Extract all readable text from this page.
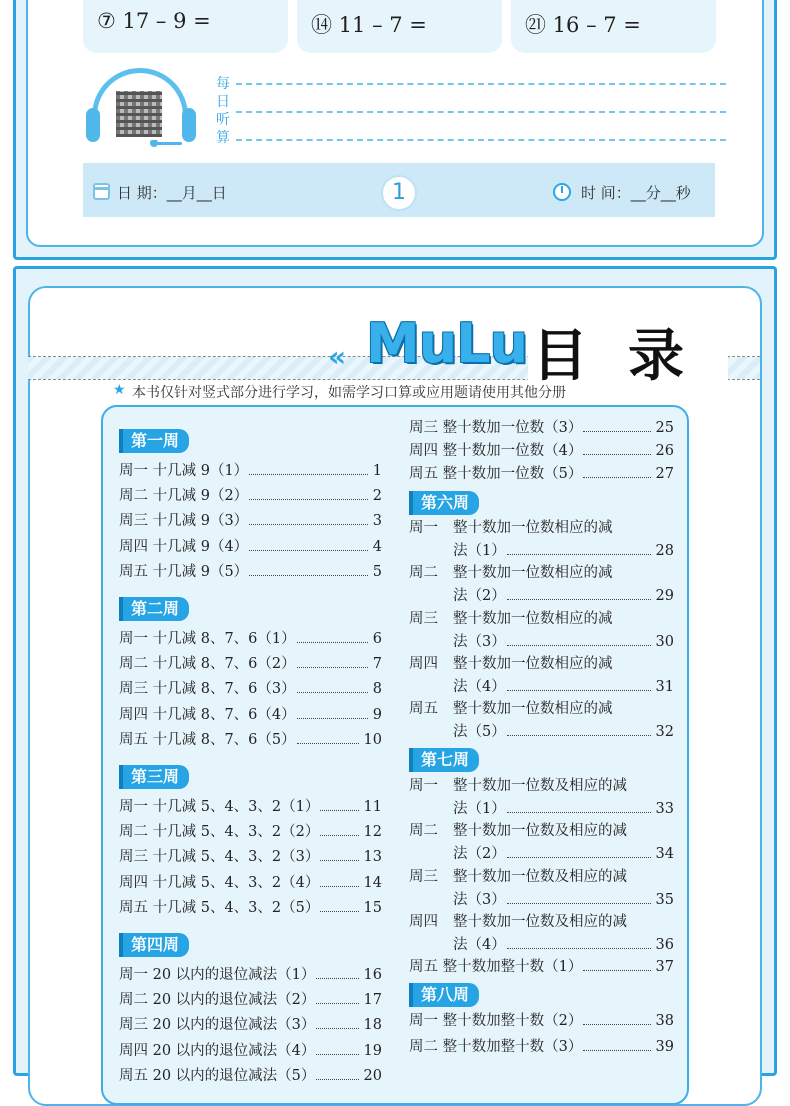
⑦ 17 – 9 =	⑭ 11 – 7 =	㉑ 16 – 7 =
每
日
听
算
日 期：__月__日	1	时 间：__分__秒
« MuLu 目录
★ 本书仅针对竖式部分进行学习，如需学习口算或应用题请使用其他分册
第一周
周一 十几减 9（1）	1
周二 十几减 9（2）	2
周三 十几减 9（3）	3
周四 十几减 9（4）	4
周五 十几减 9（5）	5
第二周
周一 十几减 8、7、6（1）	6
周二 十几减 8、7、6（2）	7
周三 十几减 8、7、6（3）	8
周四 十几减 8、7、6（4）	9
周五 十几减 8、7、6（5）	10
第三周
周一 十几减 5、4、3、2（1）	11
周二 十几减 5、4、3、2（2）	12
周三 十几减 5、4、3、2（3）	13
周四 十几减 5、4、3、2（4）	14
周五 十几减 5、4、3、2（5）	15
第四周
周一 20 以内的退位减法（1）	16
周二 20 以内的退位减法（2）	17
周三 20 以内的退位减法（3）	18
周四 20 以内的退位减法（4）	19
周五 20 以内的退位减法（5）	20
周三 整十数加一位数（3）	25
周四 整十数加一位数（4）	26
周五 整十数加一位数（5）	27
第六周
周一 整十数加一位数相应的减
法（1）	28
周二 整十数加一位数相应的减
法（2）	29
周三 整十数加一位数相应的减
法（3）	30
周四 整十数加一位数相应的减
法（4）	31
周五 整十数加一位数相应的减
法（5）	32
第七周
周一 整十数加一位数及相应的减
法（1）	33
周二 整十数加一位数及相应的减
法（2）	34
周三 整十数加一位数及相应的减
法（3）	35
周四 整十数加一位数及相应的减
法（4）	36
周五 整十数加整十数（1）	37
第八周
周一 整十数加整十数（2）	38
周二 整十数加整十数（3）	39
